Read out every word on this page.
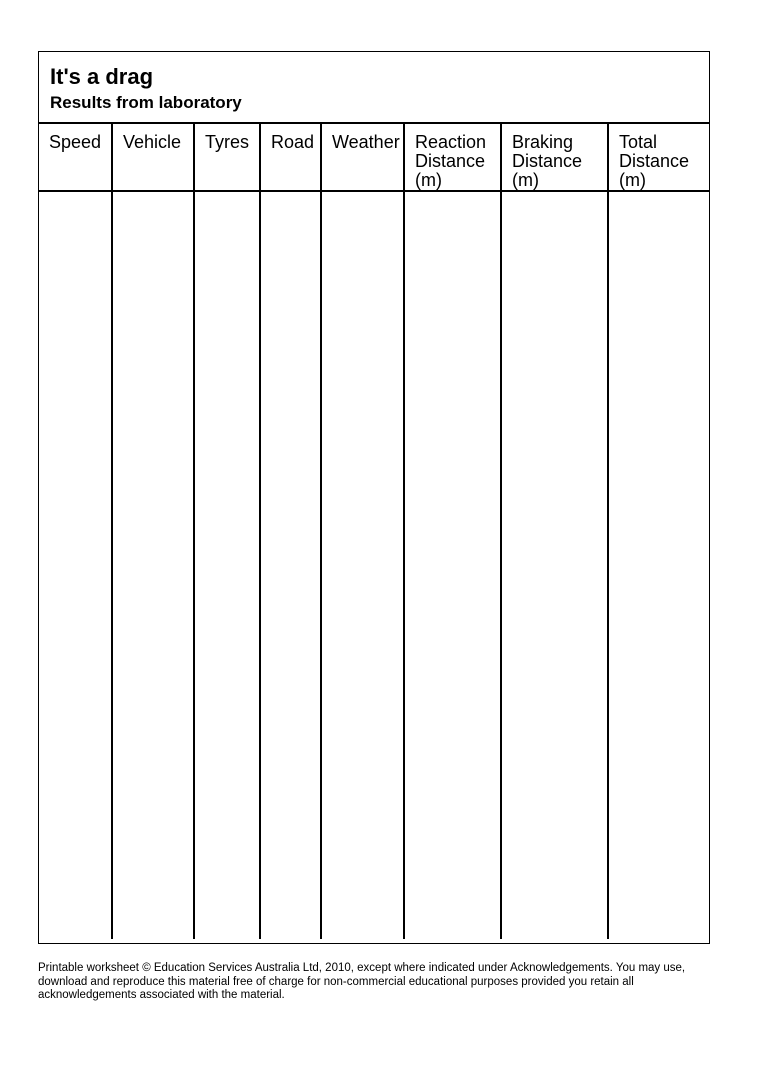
It's a drag
Results from laboratory
Speed	Vehicle	Tyres	Road	Weather	Reaction Distance (m)	Braking Distance (m)	Total Distance (m)

Printable worksheet © Education Services Australia Ltd, 2010, except where indicated under Acknowledgements. You may use, download and reproduce this material free of charge for non-commercial educational purposes provided you retain all acknowledgements associated with the material.
